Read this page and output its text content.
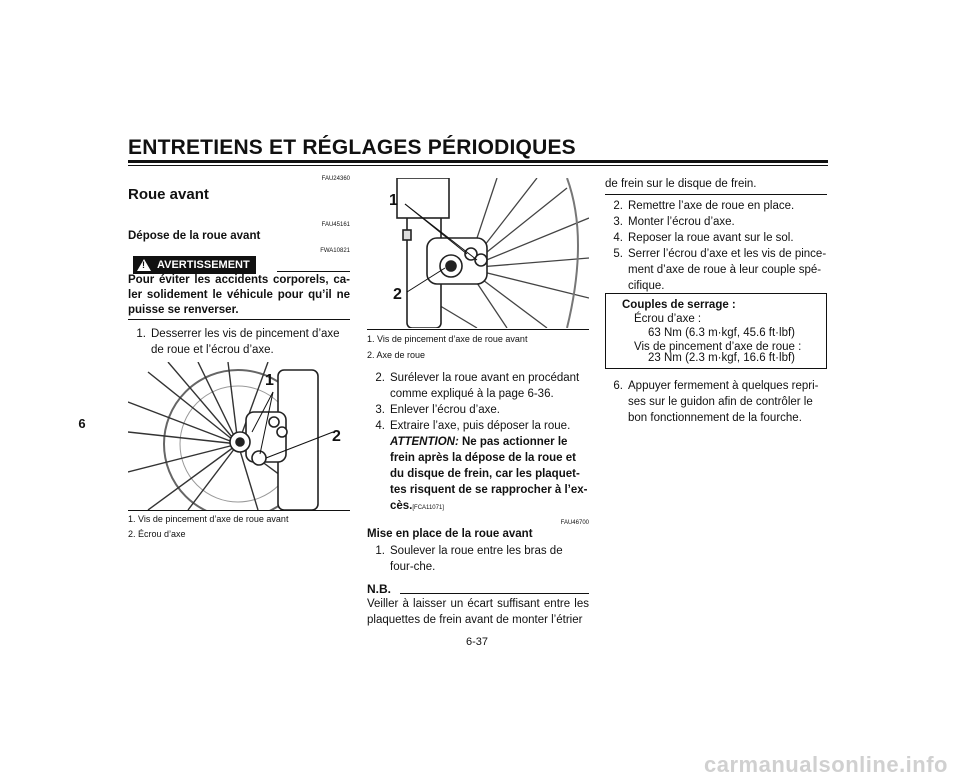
ENTRETIENS ET RÉGLAGES PÉRIODIQUES
6
FAU24360
Roue avant
FAU45161
Dépose de la roue avant
FWA10821
!
AVERTISSEMENT
Pour éviter les accidents corporels, ca-ler solidement le véhicule pour qu’il ne puisse se renverser.
1. Desserrer les vis de pincement d’axe de roue et l’écrou d’axe.
1
2
1. Vis de pincement d’axe de roue avant
2. Écrou d’axe
1
2
1. Vis de pincement d’axe de roue avant
2. Axe de roue
2. Surélever la roue avant en procédant comme expliqué à la page 6-36.
3. Enlever l’écrou d’axe.
4. Extraire l’axe, puis déposer la roue.
ATTENTION: Ne pas actionner le frein après la dépose de la roue et du disque de frein, car les plaquet-tes risquent de se rapprocher à l’ex-cès.[FCA11071]
FAU46700
Mise en place de la roue avant
1. Soulever la roue entre les bras de four-che.
N.B.
Veiller à laisser un écart suffisant entre les plaquettes de frein avant de monter l’étrier
de frein sur le disque de frein.
2. Remettre l’axe de roue en place.
3. Monter l’écrou d’axe.
4. Reposer la roue avant sur le sol.
5. Serrer l’écrou d’axe et les vis de pince-ment d’axe de roue à leur couple spé-cifique.
Couples de serrage :
Écrou d’axe :
63 Nm (6.3 m·kgf, 45.6 ft·lbf)
Vis de pincement d’axe de roue :
23 Nm (2.3 m·kgf, 16.6 ft·lbf)
6. Appuyer fermement à quelques repri-ses sur le guidon afin de contrôler le bon fonctionnement de la fourche.
6-37
carmanualsonline.info
